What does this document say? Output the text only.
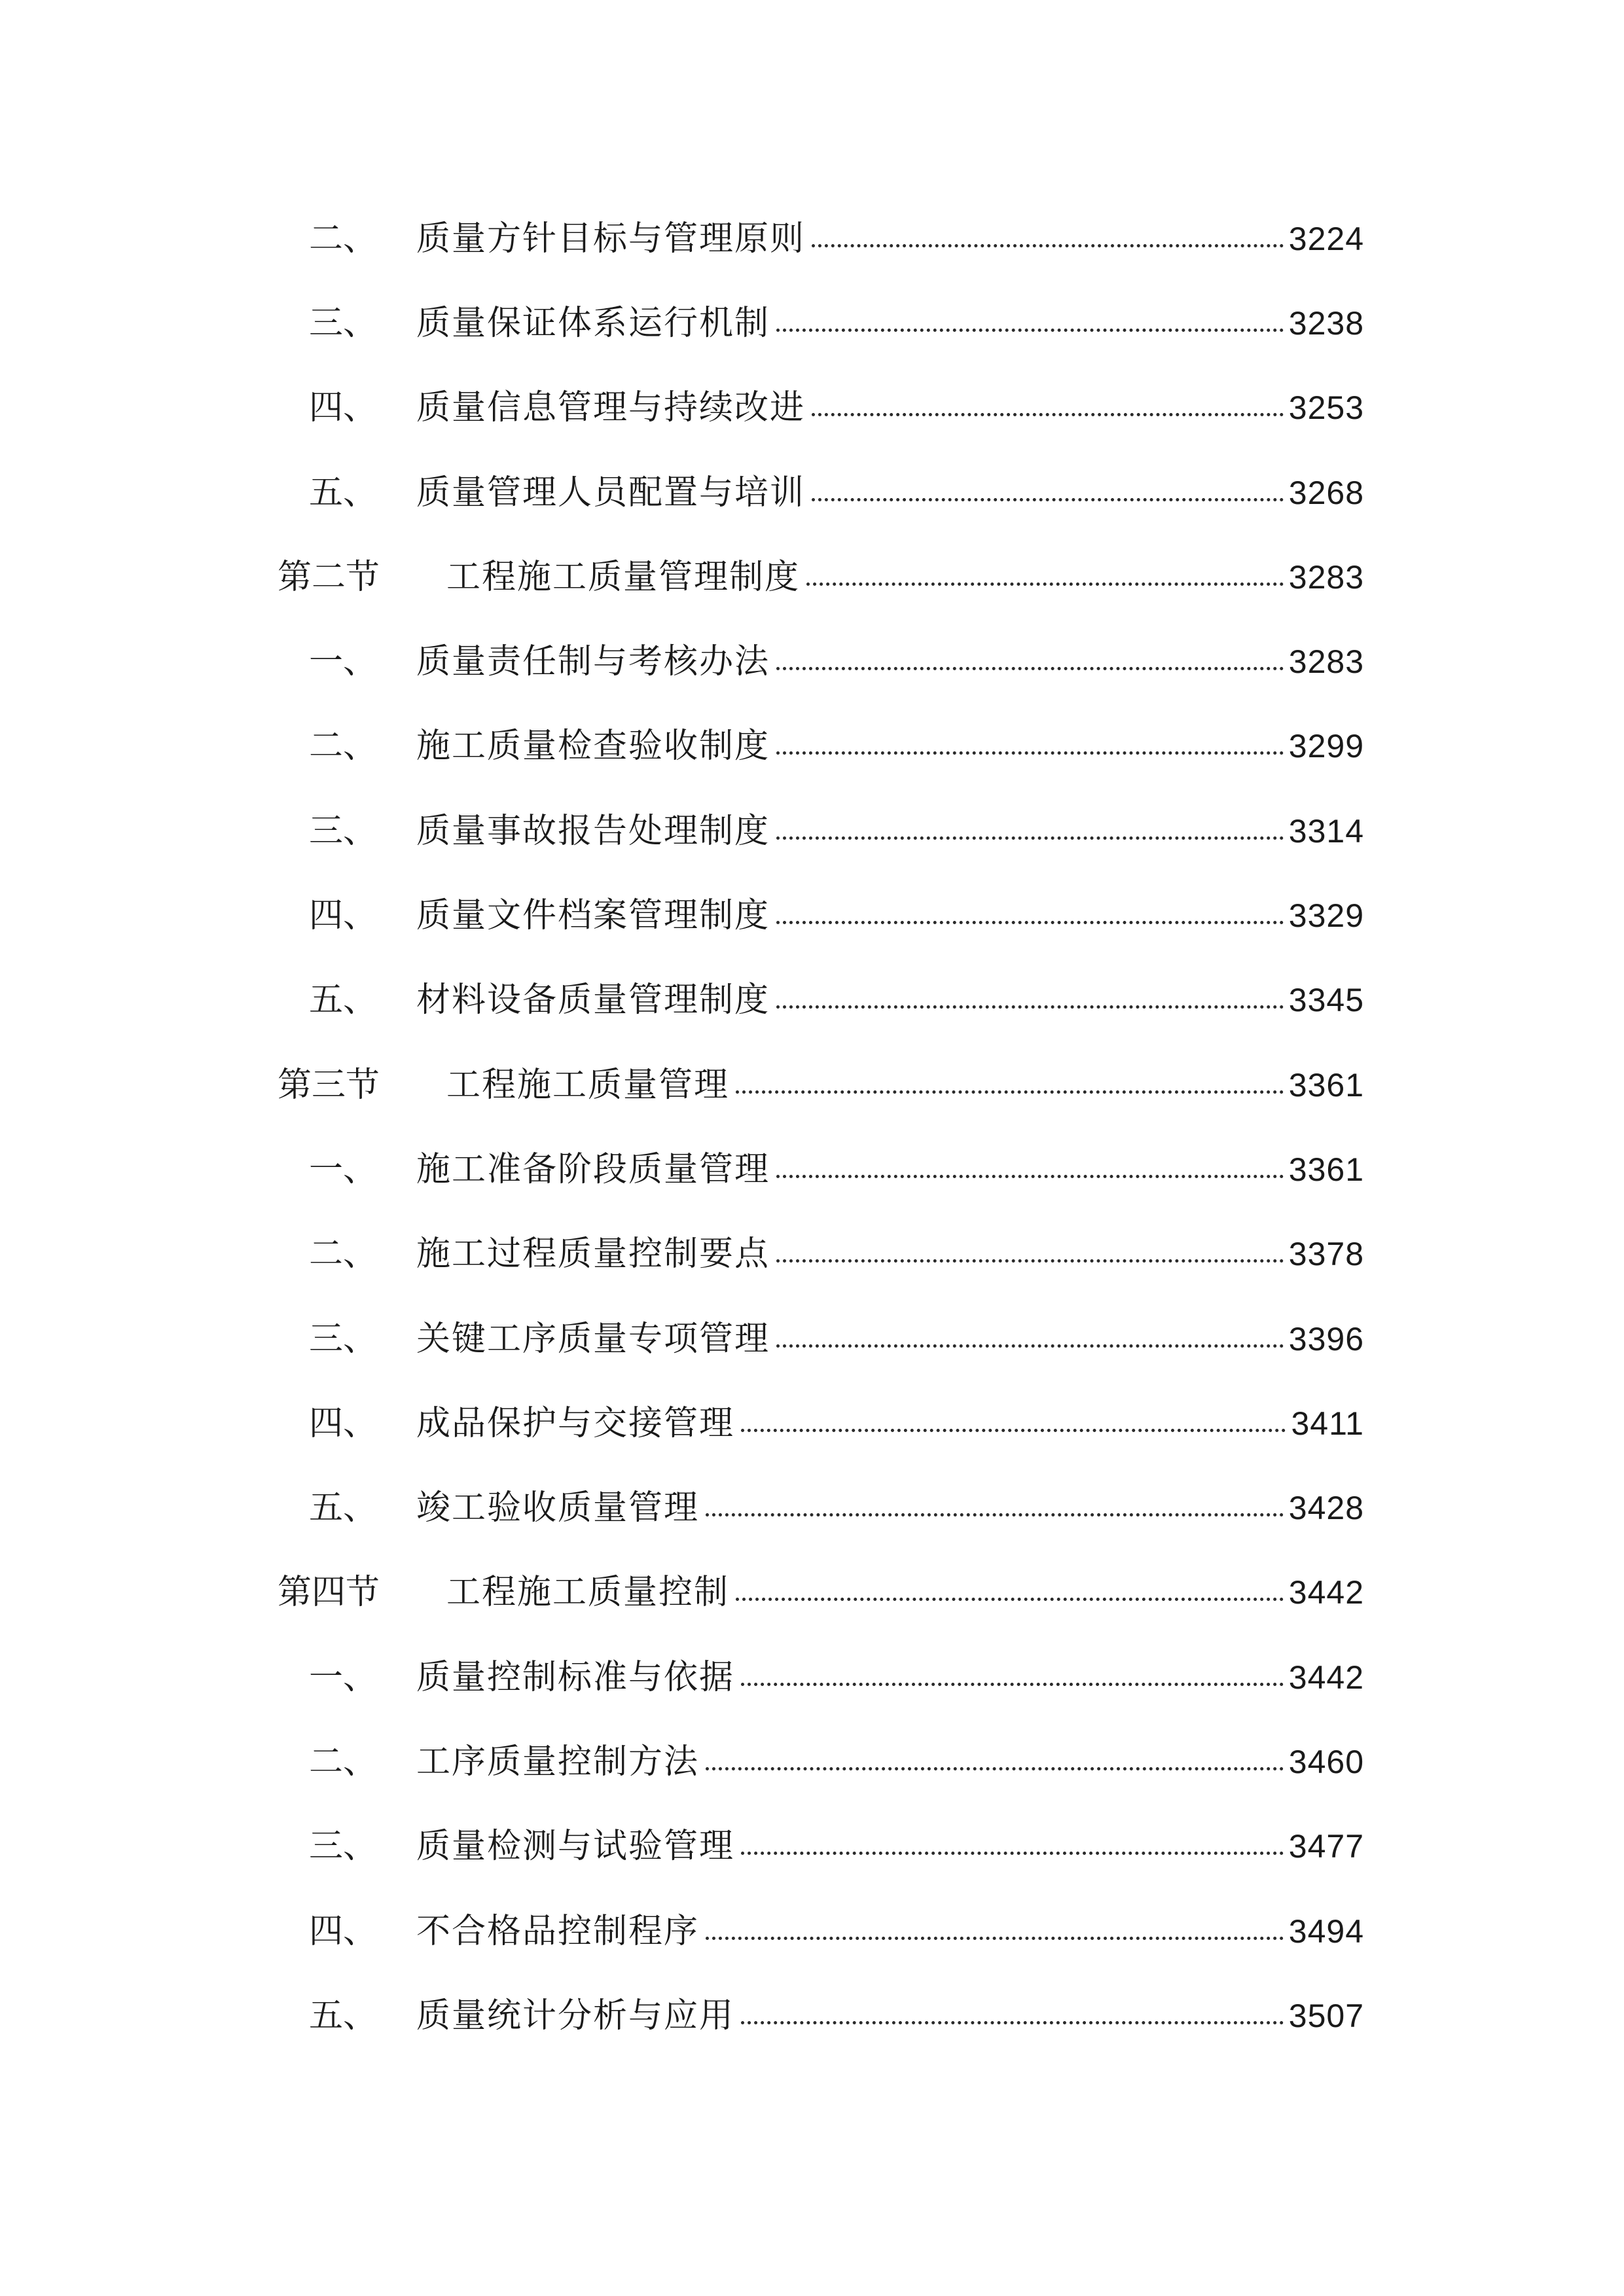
二、 质量方针目标与管理原则	3224
三、 质量保证体系运行机制	3238
四、 质量信息管理与持续改进	3253
五、 质量管理人员配置与培训	3268
第二节 工程施工质量管理制度	3283
一、 质量责任制与考核办法	3283
二、 施工质量检查验收制度	3299
三、 质量事故报告处理制度	3314
四、 质量文件档案管理制度	3329
五、 材料设备质量管理制度	3345
第三节 工程施工质量管理	3361
一、 施工准备阶段质量管理	3361
二、 施工过程质量控制要点	3378
三、 关键工序质量专项管理	3396
四、 成品保护与交接管理	3411
五、 竣工验收质量管理	3428
第四节 工程施工质量控制	3442
一、 质量控制标准与依据	3442
二、 工序质量控制方法	3460
三、 质量检测与试验管理	3477
四、 不合格品控制程序	3494
五、 质量统计分析与应用	3507
